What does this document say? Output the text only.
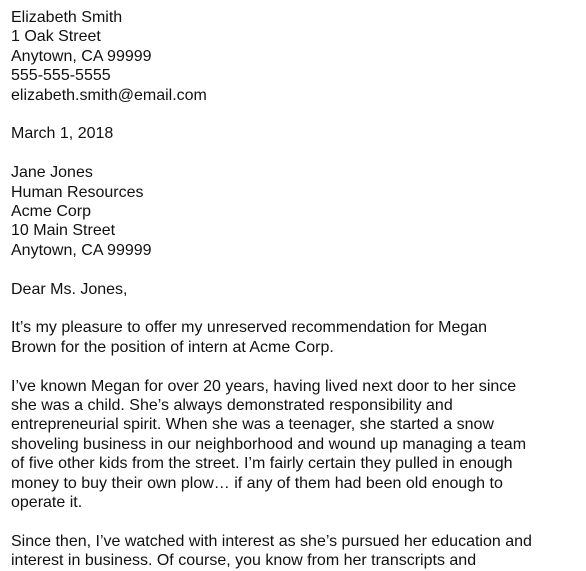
Elizabeth Smith

1 Oak Street

Anytown, CA 99999

555-555-5555

elizabeth.smith@email.com

March 1, 2018

Jane Jones

Human Resources

Acme Corp

10 Main Street

Anytown, CA 99999

Dear Ms. Jones,

It’s my pleasure to offer my unreserved recommendation for Megan

Brown for the position of intern at Acme Corp.

I’ve known Megan for over 20 years, having lived next door to her since

she was a child. She’s always demonstrated responsibility and

entrepreneurial spirit. When she was a teenager, she started a snow

shoveling business in our neighborhood and wound up managing a team

of five other kids from the street. I’m fairly certain they pulled in enough

money to buy their own plow… if any of them had been old enough to

operate it.

Since then, I’ve watched with interest as she’s pursued her education and

interest in business. Of course, you know from her transcripts and
